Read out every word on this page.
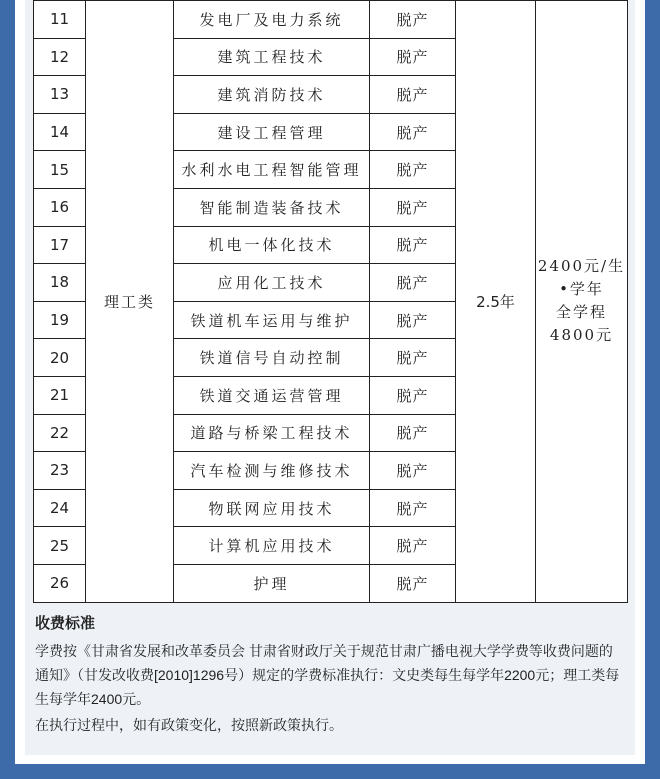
11	理工类	发电厂及电力系统	脱产	2.5年	2400元/生
•学年
全学程
4800元

12		建筑工程技术	脱产		
13		建筑消防技术	脱产		
14		建设工程管理	脱产		
15		水利水电工程智能管理	脱产		
16		智能制造装备技术	脱产		
17		机电一体化技术	脱产		
18		应用化工技术	脱产		
19		铁道机车运用与维护	脱产		
20		铁道信号自动控制	脱产		
21		铁道交通运营管理	脱产		
22		道路与桥梁工程技术	脱产		
23		汽车检测与维修技术	脱产		
24		物联网应用技术	脱产		
25		计算机应用技术	脱产		
26		护理	脱产		
收费标准

学费按《甘肃省发展和改革委员会 甘肃省财政厅关于规范甘肃广播电视大学学费等收费问题的通知》（甘发改收费[2010]1296号）规定的学费标准执行：文史类每生每学年2200元；理工类每生每学年2400元。

在执行过程中，如有政策变化，按照新政策执行。
